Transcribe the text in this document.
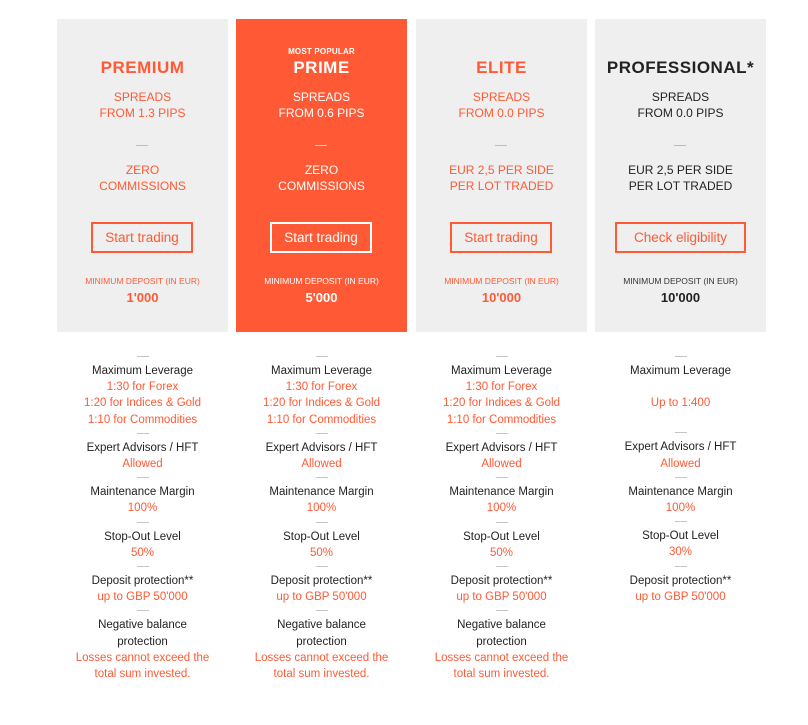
PREMIUM
SPREADS
FROM 1.3 PIPS
ZERO
COMMISSIONS
Start trading
MINIMUM DEPOSIT (IN EUR)
1'000
Maximum Leverage
1:30 for Forex
1:20 for Indices & Gold
1:10 for Commodities
Expert Advisors / HFT
Allowed
Maintenance Margin
100%
Stop-Out Level
50%
Deposit protection**
up to GBP 50'000
Negative balance
protection
Losses cannot exceed the
total sum invested.
MOST POPULAR
PRIME
SPREADS
FROM 0.6 PIPS
ZERO
COMMISSIONS
Start trading
MINIMUM DEPOSIT (IN EUR)
5'000
Maximum Leverage
1:30 for Forex
1:20 for Indices & Gold
1:10 for Commodities
Expert Advisors / HFT
Allowed
Maintenance Margin
100%
Stop-Out Level
50%
Deposit protection**
up to GBP 50'000
Negative balance
protection
Losses cannot exceed the
total sum invested.
ELITE
SPREADS
FROM 0.0 PIPS
EUR 2,5 PER SIDE
PER LOT TRADED
Start trading
MINIMUM DEPOSIT (IN EUR)
10'000
Maximum Leverage
1:30 for Forex
1:20 for Indices & Gold
1:10 for Commodities
Expert Advisors / HFT
Allowed
Maintenance Margin
100%
Stop-Out Level
50%
Deposit protection**
up to GBP 50'000
Negative balance
protection
Losses cannot exceed the
total sum invested.
PROFESSIONAL*
SPREADS
FROM 0.0 PIPS
EUR 2,5 PER SIDE
PER LOT TRADED
Check eligibility
MINIMUM DEPOSIT (IN EUR)
10'000
Maximum Leverage
Up to 1:400
Expert Advisors / HFT
Allowed
Maintenance Margin
100%
Stop-Out Level
30%
Deposit protection**
up to GBP 50'000
